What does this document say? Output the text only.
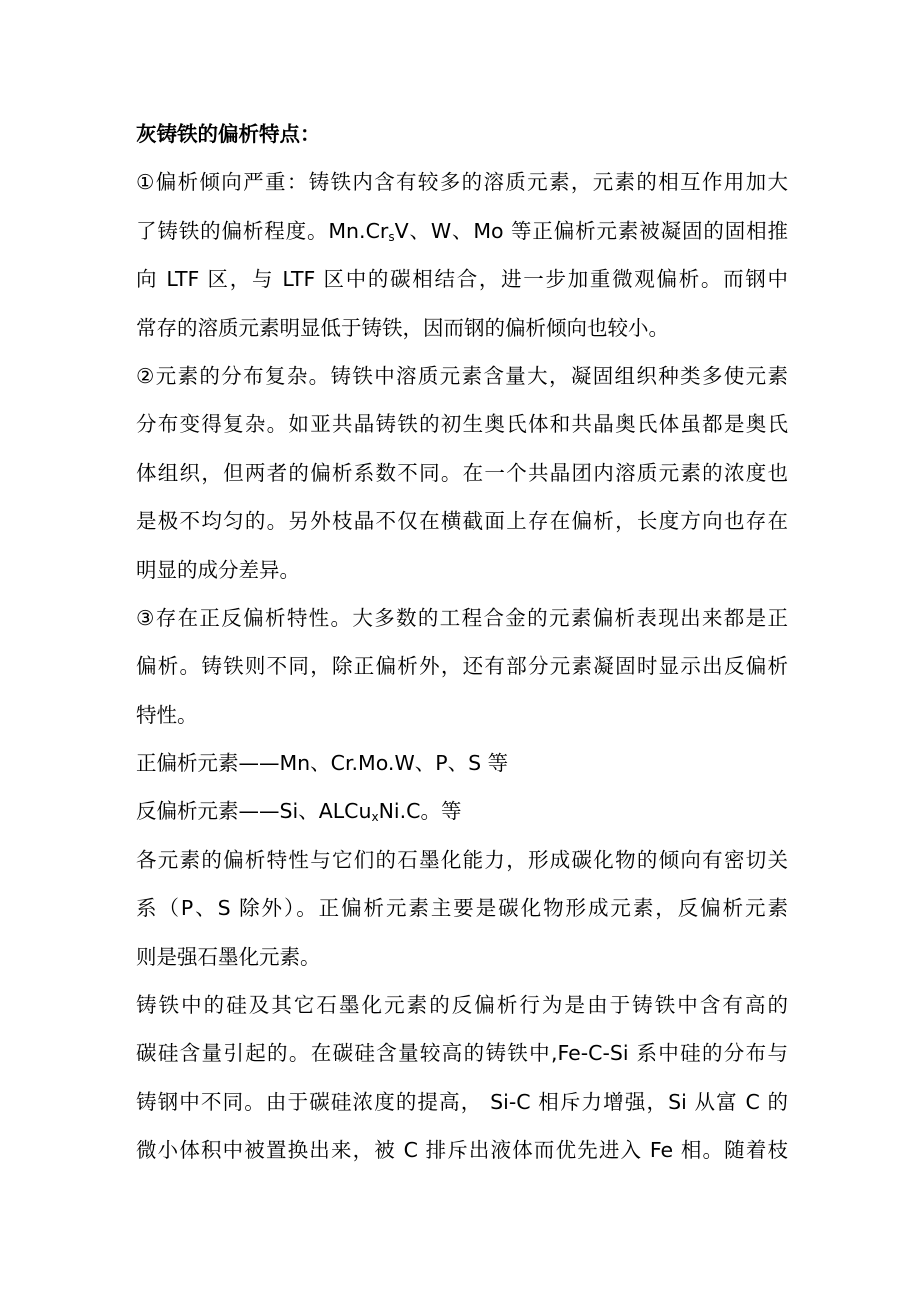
灰铸铁的偏析特点：
①偏析倾向严重：铸铁内含有较多的溶质元素，元素的相互作用加大
了铸铁的偏析程度。$Mn.Cr_sV$、W、Mo 等正偏析元素被凝固的固相推
向 LTF 区，与 LTF 区中的碳相结合，进一步加重微观偏析。而钢中
常存的溶质元素明显低于铸铁，因而钢的偏析倾向也较小。
②元素的分布复杂。铸铁中溶质元素含量大，凝固组织种类多使元素
分布变得复杂。如亚共晶铸铁的初生奥氏体和共晶奥氏体虽都是奥氏
体组织，但两者的偏析系数不同。在一个共晶团内溶质元素的浓度也
是极不均匀的。另外枝晶不仅在横截面上存在偏析，长度方向也存在
明显的成分差异。
③存在正反偏析特性。大多数的工程合金的元素偏析表现出来都是正
偏析。铸铁则不同，除正偏析外，还有部分元素凝固时显示出反偏析
特性。
正偏析元素——Mn、Cr.Mo.W、P、S 等
反偏析元素——Si、ALCu$_x$Ni.C。等
各元素的偏析特性与它们的石墨化能力，形成碳化物的倾向有密切关
系（P、S 除外）。正偏析元素主要是碳化物形成元素，反偏析元素
则是强石墨化元素。
铸铁中的硅及其它石墨化元素的反偏析行为是由于铸铁中含有高的
碳硅含量引起的。在碳硅含量较高的铸铁中,Fe-C-Si 系中硅的分布与
铸钢中不同。由于碳硅浓度的提高， Si-C 相斥力增强，Si 从富 C 的
微小体积中被置换出来，被 C 排斥出液体而优先进入 Fe 相。随着枝
